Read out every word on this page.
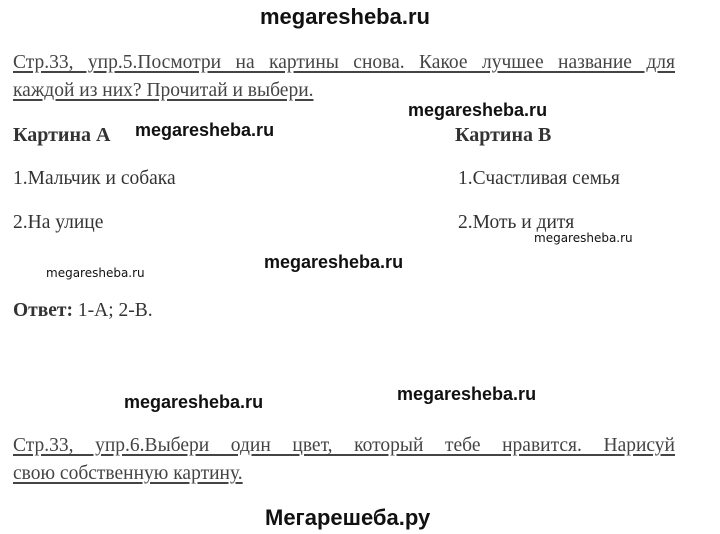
megaresheba.ru
Стр.33, упр.5.Посмотри на картины снова. Какое лучшее название для
каждой из них? Прочитай и выбери.
Картина А megaresheba.ru
megaresheba.ru
Картина В
1.Мальчик и собака	1.Счастливая семья
2.На улице	2.Моть и дитя
megaresheba.ru
megaresheba.ru
megaresheba.ru
Ответ: 1-А; 2-В.
megaresheba.ru
megaresheba.ru
Стр.33, упр.6.Выбери один цвет, который тебе нравится. Нарисуй
свою собственную картину.
Мегарешеба.ру
